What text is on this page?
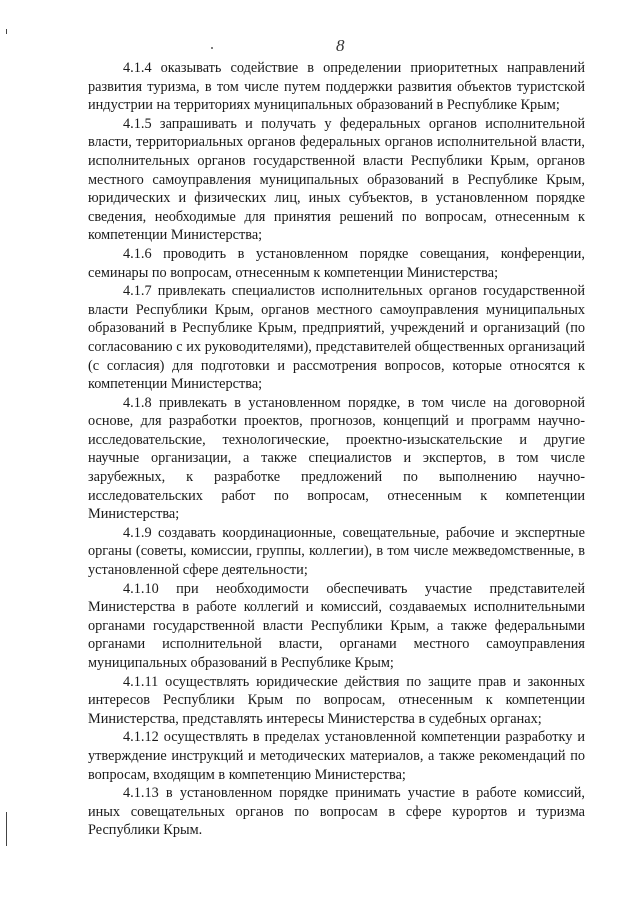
8

4.1.4 оказывать содействие в определении приоритетных направлений развития туризма, в том числе путем поддержки развития объектов туристской индустрии на территориях муниципальных образований в Республике Крым;

4.1.5 запрашивать и получать у федеральных органов исполнительной власти, территориальных органов федеральных органов исполнительной власти, исполнительных органов государственной власти Республики Крым, органов местного самоуправления муниципальных образований в Республике Крым, юридических и физических лиц, иных субъектов, в установленном порядке сведения, необходимые для принятия решений по вопросам, отнесенным к компетенции Министерства;

4.1.6 проводить в установленном порядке совещания, конференции, семинары по вопросам, отнесенным к компетенции Министерства;

4.1.7 привлекать специалистов исполнительных органов государственной власти Республики Крым, органов местного самоуправления муниципальных образований в Республике Крым, предприятий, учреждений и организаций (по согласованию с их руководителями), представителей общественных организаций (с согласия) для подготовки и рассмотрения вопросов, которые относятся к компетенции Министерства;

4.1.8 привлекать в установленном порядке, в том числе на договорной основе, для разработки проектов, прогнозов, концепций и программ научно-исследовательские, технологические, проектно-изыскательские и другие научные организации, а также специалистов и экспертов, в том числе зарубежных, к разработке предложений по выполнению научно-исследовательских работ по вопросам, отнесенным к компетенции Министерства;

4.1.9 создавать координационные, совещательные, рабочие и экспертные органы (советы, комиссии, группы, коллегии), в том числе межведомственные, в установленной сфере деятельности;

4.1.10 при необходимости обеспечивать участие представителей Министерства в работе коллегий и комиссий, создаваемых исполнительными органами государственной власти Республики Крым, а также федеральными органами исполнительной власти, органами местного самоуправления муниципальных образований в Республике Крым;

4.1.11 осуществлять юридические действия по защите прав и законных интересов Республики Крым по вопросам, отнесенным к компетенции Министерства, представлять интересы Министерства в судебных органах;

4.1.12 осуществлять в пределах установленной компетенции разработку и утверждение инструкций и методических материалов, а также рекомендаций по вопросам, входящим в компетенцию Министерства;

4.1.13 в установленном порядке принимать участие в работе комиссий, иных совещательных органов по вопросам в сфере курортов и туризма Республики Крым.
